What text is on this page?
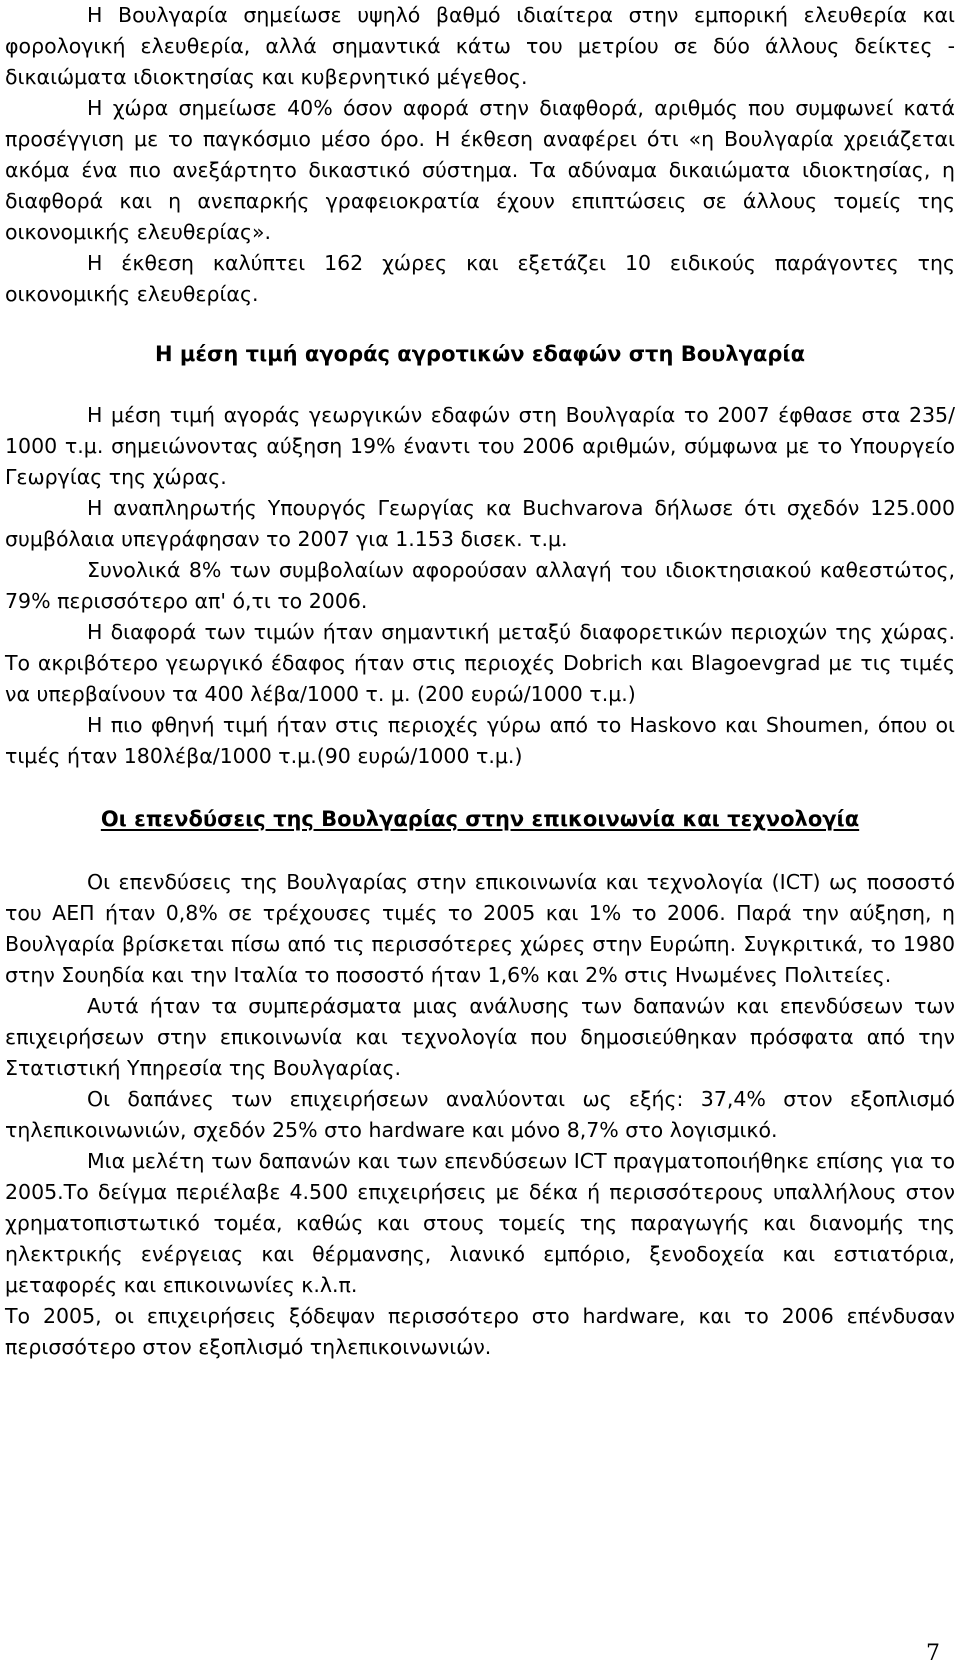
Η Βουλγαρία σημείωσε υψηλό βαθμό ιδιαίτερα στην εμπορική ελευθερία και φορολογική ελευθερία, αλλά σημαντικά κάτω του μετρίου σε δύο άλλους δείκτες - δικαιώματα ιδιοκτησίας και κυβερνητικό μέγεθος.

Η χώρα σημείωσε 40% όσον αφορά στην διαφθορά, αριθμός που συμφωνεί κατά προσέγγιση με το παγκόσμιο μέσο όρο. Η έκθεση αναφέρει ότι «η Βουλγαρία χρειάζεται ακόμα ένα πιο ανεξάρτητο δικαστικό σύστημα. Τα αδύναμα δικαιώματα ιδιοκτησίας, η διαφθορά και η ανεπαρκής γραφειοκρατία έχουν επιπτώσεις σε άλλους τομείς της οικονομικής ελευθερίας».

Η έκθεση καλύπτει 162 χώρες και εξετάζει 10 ειδικούς παράγοντες της οικονομικής ελευθερίας.

Η μέση τιμή αγοράς αγροτικών εδαφών στη Βουλγαρία

Η μέση τιμή αγοράς γεωργικών εδαφών στη Βουλγαρία το 2007 έφθασε στα 235/ 1000 τ.μ. σημειώνοντας αύξηση 19% έναντι του 2006 αριθμών, σύμφωνα με το Υπουργείο Γεωργίας της χώρας.

Η αναπληρωτής Υπουργός Γεωργίας κα Buchvarova δήλωσε ότι σχεδόν 125.000 συμβόλαια υπεγράφησαν το 2007 για 1.153 δισεκ. τ.μ.

Συνολικά 8% των συμβολαίων αφορούσαν αλλαγή του ιδιοκτησιακού καθεστώτος, 79% περισσότερο απ' ό,τι το 2006.

Η διαφορά των τιμών ήταν σημαντική μεταξύ διαφορετικών περιοχών της χώρας. Το ακριβότερο γεωργικό έδαφος ήταν στις περιοχές Dobrich και Blagoevgrad με τις τιμές να υπερβαίνουν τα 400 λέβα/1000 τ. μ. (200 ευρώ/1000 τ.μ.)

Η πιο φθηνή τιμή ήταν στις περιοχές γύρω από το Haskovo και Shoumen, όπου οι τιμές ήταν 180λέβα/1000 τ.μ.(90 ευρώ/1000 τ.μ.)

Οι επενδύσεις της Βουλγαρίας στην επικοινωνία και τεχνολογία

Οι επενδύσεις της Βουλγαρίας στην επικοινωνία και τεχνολογία (ICT) ως ποσοστό του ΑΕΠ ήταν 0,8% σε τρέχουσες τιμές το 2005 και 1% το 2006. Παρά την αύξηση, η Βουλγαρία βρίσκεται πίσω από τις περισσότερες χώρες στην Ευρώπη. Συγκριτικά, το 1980 στην Σουηδία και την Ιταλία το ποσοστό ήταν 1,6% και 2% στις Ηνωμένες Πολιτείες.

Αυτά ήταν τα συμπεράσματα μιας ανάλυσης των δαπανών και επενδύσεων των επιχειρήσεων στην επικοινωνία και τεχνολογία που δημοσιεύθηκαν πρόσφατα από την Στατιστική Υπηρεσία της Βουλγαρίας.

Οι δαπάνες των επιχειρήσεων αναλύονται ως εξής: 37,4% στον εξοπλισμό τηλεπικοινωνιών, σχεδόν 25% στο hardware και μόνο 8,7% στο λογισμικό.

Μια μελέτη των δαπανών και των επενδύσεων ICT πραγματοποιήθηκε επίσης για το 2005.Το δείγμα περιέλαβε 4.500 επιχειρήσεις με δέκα ή περισσότερους υπαλλήλους στον χρηματοπιστωτικό τομέα, καθώς και στους τομείς της παραγωγής και διανομής της ηλεκτρικής ενέργειας και θέρμανσης, λιανικό εμπόριο, ξενοδοχεία και εστιατόρια, μεταφορές και επικοινωνίες κ.λ.π.

Το 2005, οι επιχειρήσεις ξόδεψαν περισσότερο στο hardware, και το 2006 επένδυσαν περισσότερο στον εξοπλισμό τηλεπικοινωνιών.

7
